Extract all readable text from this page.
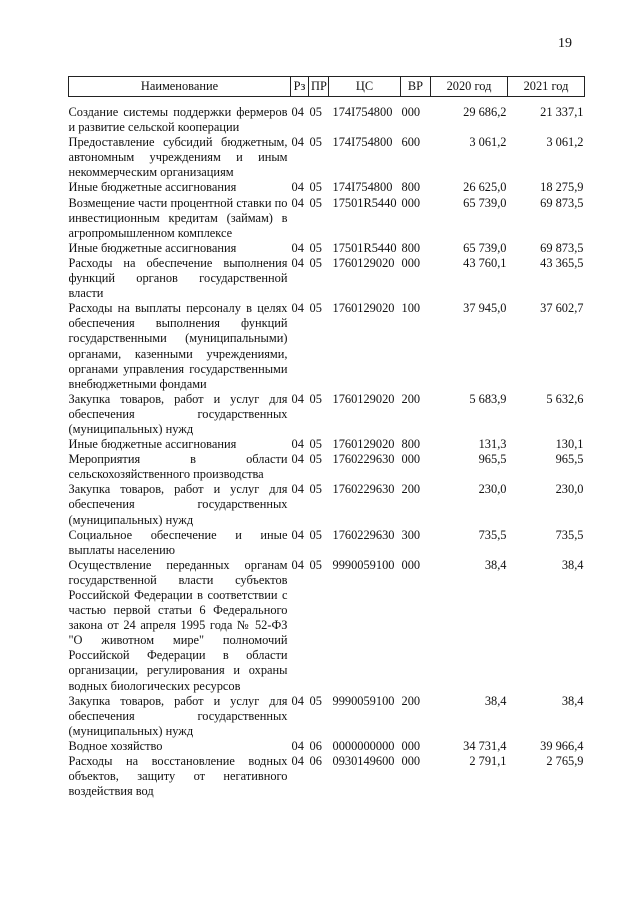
19
Наименование	Рз	ПР	ЦС	ВР	2020 год	2021 год

Создание системы поддержки фермеров и развитие сельской кооперации	04	05	174I754800	000	29 686,2	21 337,1
Предоставление субсидий бюджетным, автономным учреждениям и иным некоммерческим организациям	04	05	174I754800	600	3 061,2	3 061,2
Иные бюджетные ассигнования	04	05	174I754800	800	26 625,0	18 275,9
Возмещение части процентной ставки по инвестиционным кредитам (займам) в агропромышленном комплексе	04	05	17501R5440	000	65 739,0	69 873,5
Иные бюджетные ассигнования	04	05	17501R5440	800	65 739,0	69 873,5
Расходы на обеспечение выполнения функций органов государственной власти	04	05	1760129020	000	43 760,1	43 365,5
Расходы на выплаты персоналу в целях обеспечения выполнения функций государственными (муниципальными) органами, казенными учреждениями, органами управления государственными внебюджетными фондами	04	05	1760129020	100	37 945,0	37 602,7
Закупка товаров, работ и услуг для обеспечения государственных (муниципальных) нужд	04	05	1760129020	200	5 683,9	5 632,6
Иные бюджетные ассигнования	04	05	1760129020	800	131,3	130,1
Мероприятия в области сельскохозяйственного производства	04	05	1760229630	000	965,5	965,5
Закупка товаров, работ и услуг для обеспечения государственных (муниципальных) нужд	04	05	1760229630	200	230,0	230,0
Социальное обеспечение и иные выплаты населению	04	05	1760229630	300	735,5	735,5
Осуществление переданных органам государственной власти субъектов Российской Федерации в соответствии с частью первой статьи 6 Федерального закона от 24 апреля 1995 года № 52-ФЗ "О животном мире" полномочий Российской Федерации в области организации, регулирования и охраны водных биологических ресурсов	04	05	9990059100	000	38,4	38,4
Закупка товаров, работ и услуг для обеспечения государственных (муниципальных) нужд	04	05	9990059100	200	38,4	38,4
Водное хозяйство	04	06	0000000000	000	34 731,4	39 966,4
Расходы на восстановление водных объектов, защиту от негативного воздействия вод	04	06	0930149600	000	2 791,1	2 765,9
